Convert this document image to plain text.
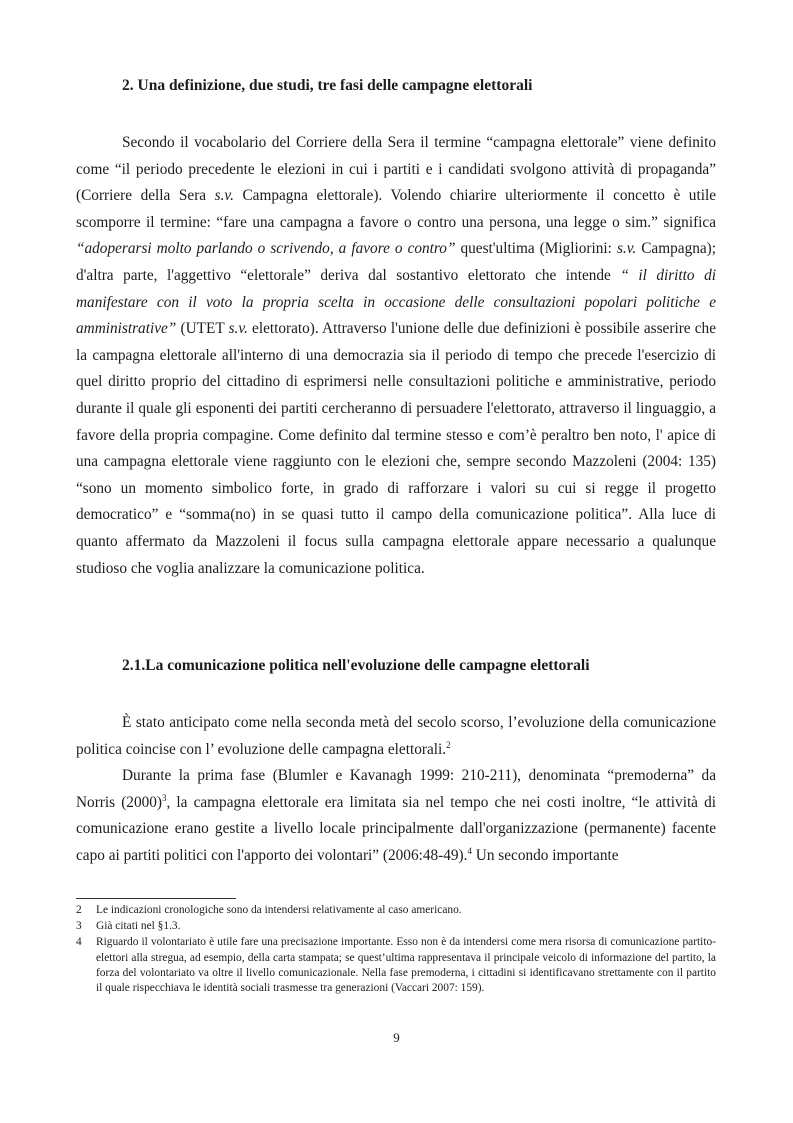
2. Una definizione, due studi, tre fasi delle campagne elettorali

Secondo il vocabolario del Corriere della Sera il termine “campagna elettorale” viene definito come “il periodo precedente le elezioni in cui i partiti e i candidati svolgono attività di propaganda” (Corriere della Sera s.v. Campagna elettorale). Volendo chiarire ulteriormente il concetto è utile scomporre il termine: “fare una campagna a favore o contro una persona, una legge o sim.” significa “adoperarsi molto parlando o scrivendo, a favore o contro” quest'ultima (Migliorini: s.v. Campagna); d'altra parte, l'aggettivo “elettorale” deriva dal sostantivo elettorato che intende “ il diritto di manifestare con il voto la propria scelta in occasione delle consultazioni popolari politiche e amministrative” (UTET s.v. elettorato). Attraverso l'unione delle due definizioni è possibile asserire che la campagna elettorale all'interno di una democrazia sia il periodo di tempo che precede l'esercizio di quel diritto proprio del cittadino di esprimersi nelle consultazioni politiche e amministrative, periodo durante il quale gli esponenti dei partiti cercheranno di persuadere l'elettorato, attraverso il linguaggio, a favore della propria compagine. Come definito dal termine stesso e com’è peraltro ben noto, l' apice di una campagna elettorale viene raggiunto con le elezioni che, sempre secondo Mazzoleni (2004: 135) “sono un momento simbolico forte, in grado di rafforzare i valori su cui si regge il progetto democratico” e “somma(no) in se quasi tutto il campo della comunicazione politica”. Alla luce di quanto affermato da Mazzoleni il focus sulla campagna elettorale appare necessario a qualunque studioso che voglia analizzare la comunicazione politica.

2.1.La comunicazione politica nell'evoluzione delle campagne elettorali

È stato anticipato come nella seconda metà del secolo scorso, l’evoluzione della comunicazione politica coincise con l’ evoluzione delle campagna elettorali.$^2$

Durante la prima fase (Blumler e Kavanagh 1999: 210-211), denominata “premoderna” da Norris $(2000)^3$, la campagna elettorale era limitata sia nel tempo che nei costi inoltre, “le attività di comunicazione erano gestite a livello locale principalmente dall'organizzazione (permanente) facente capo ai partiti politici con l'apporto dei volontari” (2006:48-49).$^4$ Un secondo importante

2	Le indicazioni cronologiche sono da intendersi relativamente al caso americano.
3	Già citati nel §1.3.
4	Riguardo il volontariato è utile fare una precisazione importante. Esso non è da intendersi come mera risorsa di comunicazione partito-elettori alla stregua, ad esempio, della carta stampata; se quest’ultima rappresentava il principale veicolo di informazione del partito, la forza del volontariato va oltre il livello comunicazionale. Nella fase premoderna, i cittadini si identificavano strettamente con il partito il quale rispecchiava le identità sociali trasmesse tra generazioni (Vaccari 2007: 159).
9
